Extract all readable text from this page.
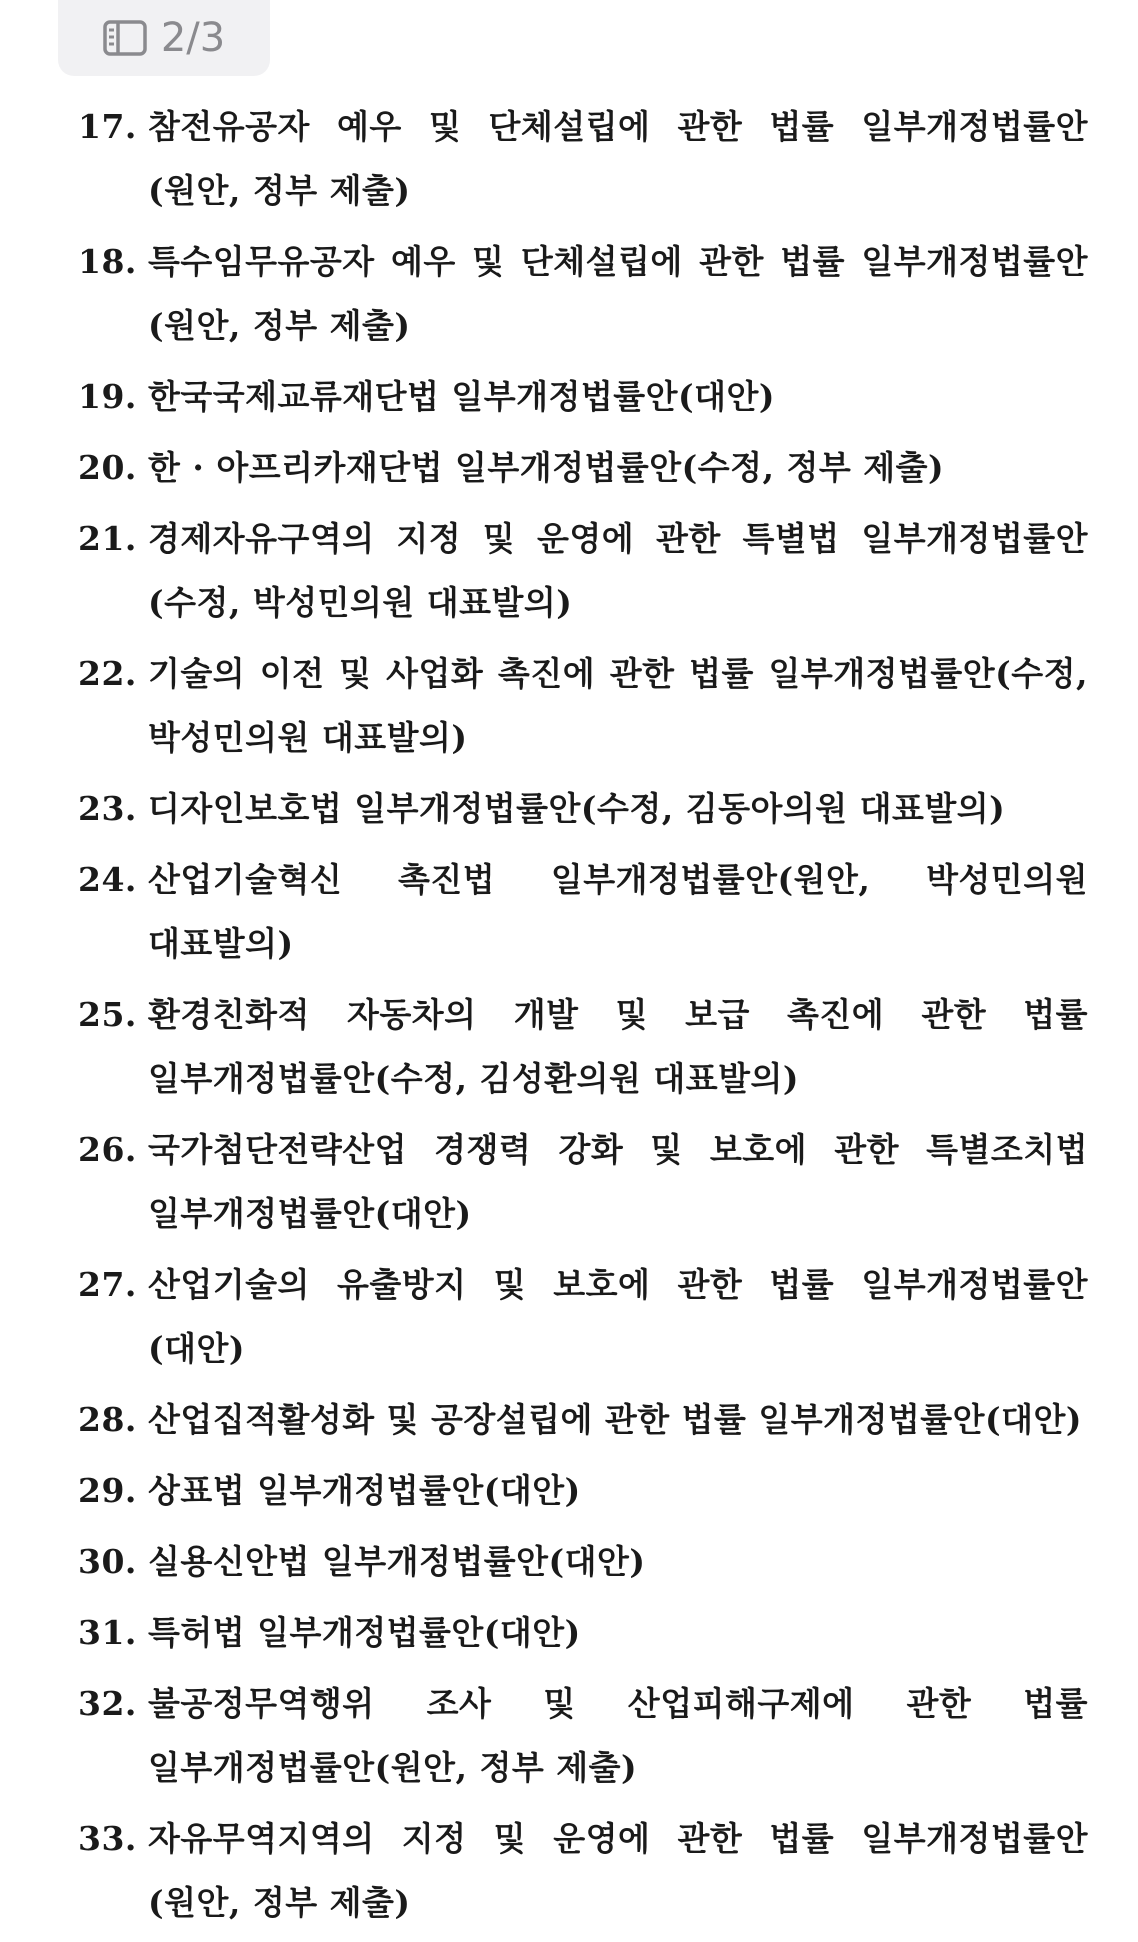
2/3
17. 참전유공자 예우 및 단체설립에 관한 법률 일부개정법률안(원안, 정부 제출)
18. 특수임무유공자 예우 및 단체설립에 관한 법률 일부개정법률안(원안, 정부 제출)
19. 한국국제교류재단법 일부개정법률안(대안)
20. 한 · 아프리카재단법 일부개정법률안(수정, 정부 제출)
21. 경제자유구역의 지정 및 운영에 관한 특별법 일부개정법률안(수정, 박성민의원 대표발의)
22. 기술의 이전 및 사업화 촉진에 관한 법률 일부개정법률안(수정, 박성민의원 대표발의)
23. 디자인보호법 일부개정법률안(수정, 김동아의원 대표발의)
24. 산업기술혁신 촉진법 일부개정법률안(원안, 박성민의원 대표발의)
25. 환경친화적 자동차의 개발 및 보급 촉진에 관한 법률 일부개정법률안(수정, 김성환의원 대표발의)
26. 국가첨단전략산업 경쟁력 강화 및 보호에 관한 특별조치법 일부개정법률안(대안)
27. 산업기술의 유출방지 및 보호에 관한 법률 일부개정법률안(대안)
28. 산업집적활성화 및 공장설립에 관한 법률 일부개정법률안(대안)
29. 상표법 일부개정법률안(대안)
30. 실용신안법 일부개정법률안(대안)
31. 특허법 일부개정법률안(대안)
32. 불공정무역행위 조사 및 산업피해구제에 관한 법률 일부개정법률안(원안, 정부 제출)
33. 자유무역지역의 지정 및 운영에 관한 법률 일부개정법률안(원안, 정부 제출)
